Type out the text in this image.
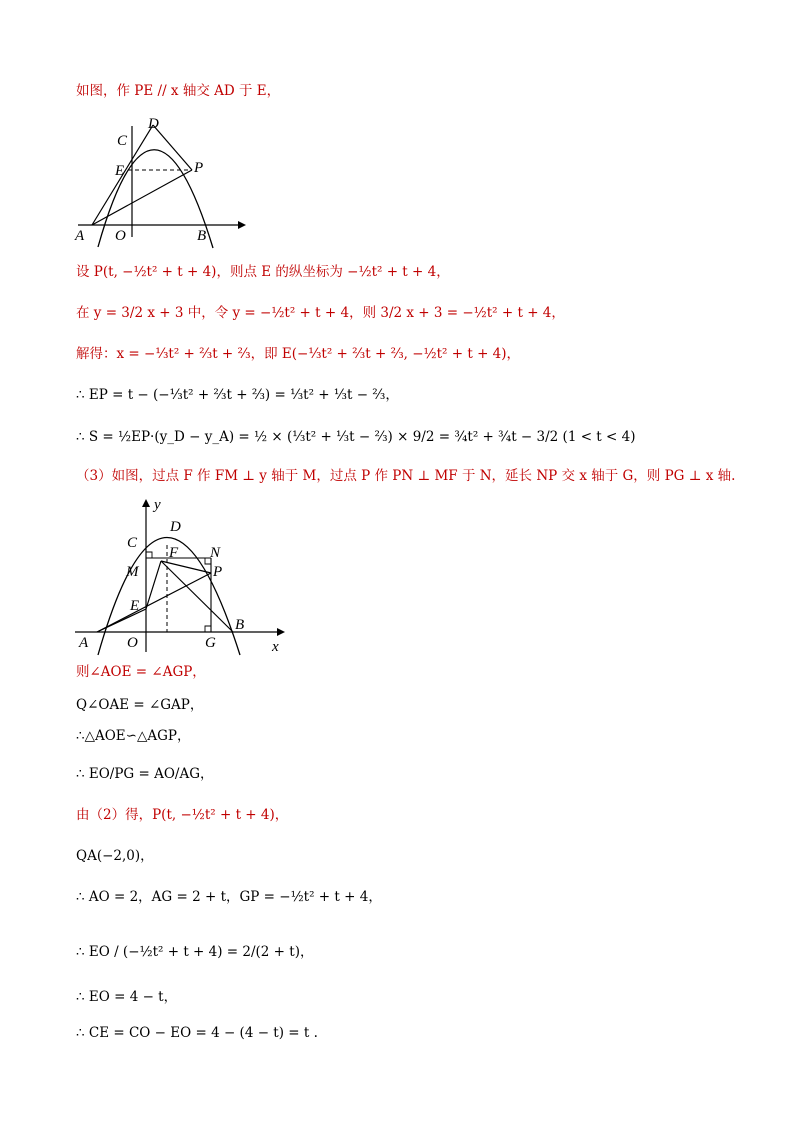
如图，作 PE // x 轴交 AD 于 E，
C
D
E	P
A O	B
设 P(t, −½t² + t + 4)，则点 E 的纵坐标为 −½t² + t + 4，
在 y = 3/2 x + 3 中，令 y = −½t² + t + 4，则 3/2 x + 3 = −½t² + t + 4，
解得：x = −⅓t² + ⅔t + ⅔，即 E(−⅓t² + ⅔t + ⅔, −½t² + t + 4)，
∴ EP = t − (−⅓t² + ⅔t + ⅔) = ⅓t² + ⅓t − ⅔，
∴ S = ½EP·(y_D − y_A) = ½ × (⅓t² + ⅓t − ⅔) × 9/2 = ¾t² + ¾t − 3/2 (1 < t < 4)
（3）如图，过点 F 作 FM ⊥ y 轴于 M，过点 P 作 PN ⊥ MF 于 N，延长 NP 交 x 轴于 G，则 PG ⊥ x 轴.
y
D
C
F N
M	P
E
A	O	G
B
x
则∠AOE = ∠AGP，
Q∠OAE = ∠GAP，
∴△AOE∽△AGP，
∴ EO/PG = AO/AG，
由（2）得，P(t, −½t² + t + 4)，
QA(−2,0)，
∴ AO = 2，AG = 2 + t，GP = −½t² + t + 4，
∴ EO / (−½t² + t + 4) = 2/(2 + t)，
∴ EO = 4 − t，
∴ CE = CO − EO = 4 − (4 − t) = t .
